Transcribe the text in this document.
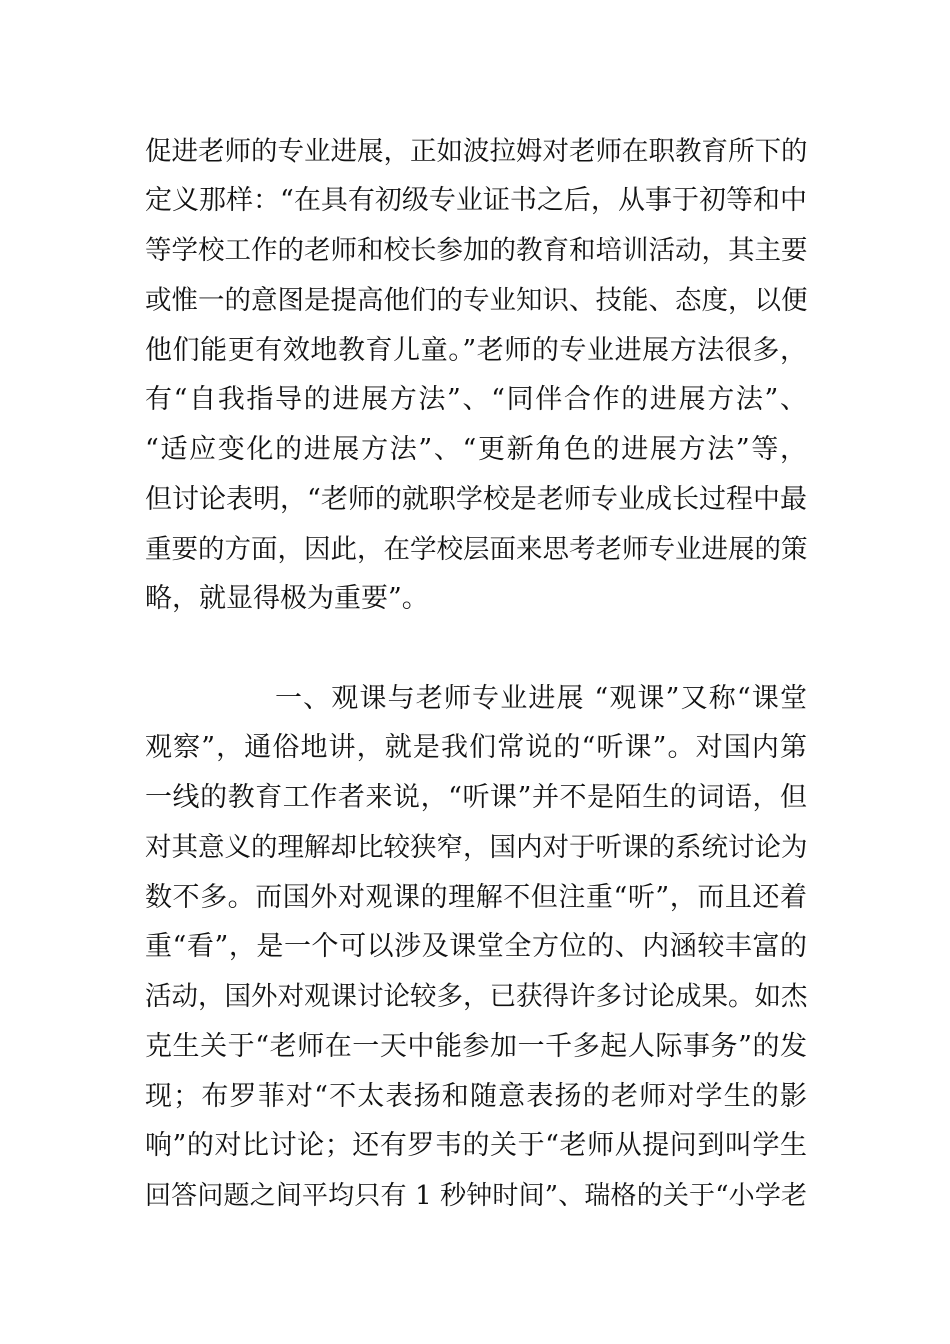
促进老师的专业进展，正如波拉姆对老师在职教育所下的
定义那样：“在具有初级专业证书之后，从事于初等和中
等学校工作的老师和校长参加的教育和培训活动，其主要
或惟一的意图是提高他们的专业知识、技能、态度，以便
他们能更有效地教育儿童。”老师的专业进展方法很多，
有“自我指导的进展方法”、“同伴合作的进展方法”、
“适应变化的进展方法”、“更新角色的进展方法”等，
但讨论表明，“老师的就职学校是老师专业成长过程中最
重要的方面，因此，在学校层面来思考老师专业进展的策
略，就显得极为重要”。
一、观课与老师专业进展 “观课”又称“课堂
观察”，通俗地讲，就是我们常说的“听课”。对国内第
一线的教育工作者来说，“听课”并不是陌生的词语，但
对其意义的理解却比较狭窄，国内对于听课的系统讨论为
数不多。而国外对观课的理解不但注重“听”，而且还着
重“看”，是一个可以涉及课堂全方位的、内涵较丰富的
活动，国外对观课讨论较多，已获得许多讨论成果。如杰
克生关于“老师在一天中能参加一千多起人际事务”的发
现；布罗菲对“不太表扬和随意表扬的老师对学生的影
响”的对比讨论；还有罗韦的关于“老师从提问到叫学生
回答问题之间平均只有 1 秒钟时间”、瑞格的关于“小学老
